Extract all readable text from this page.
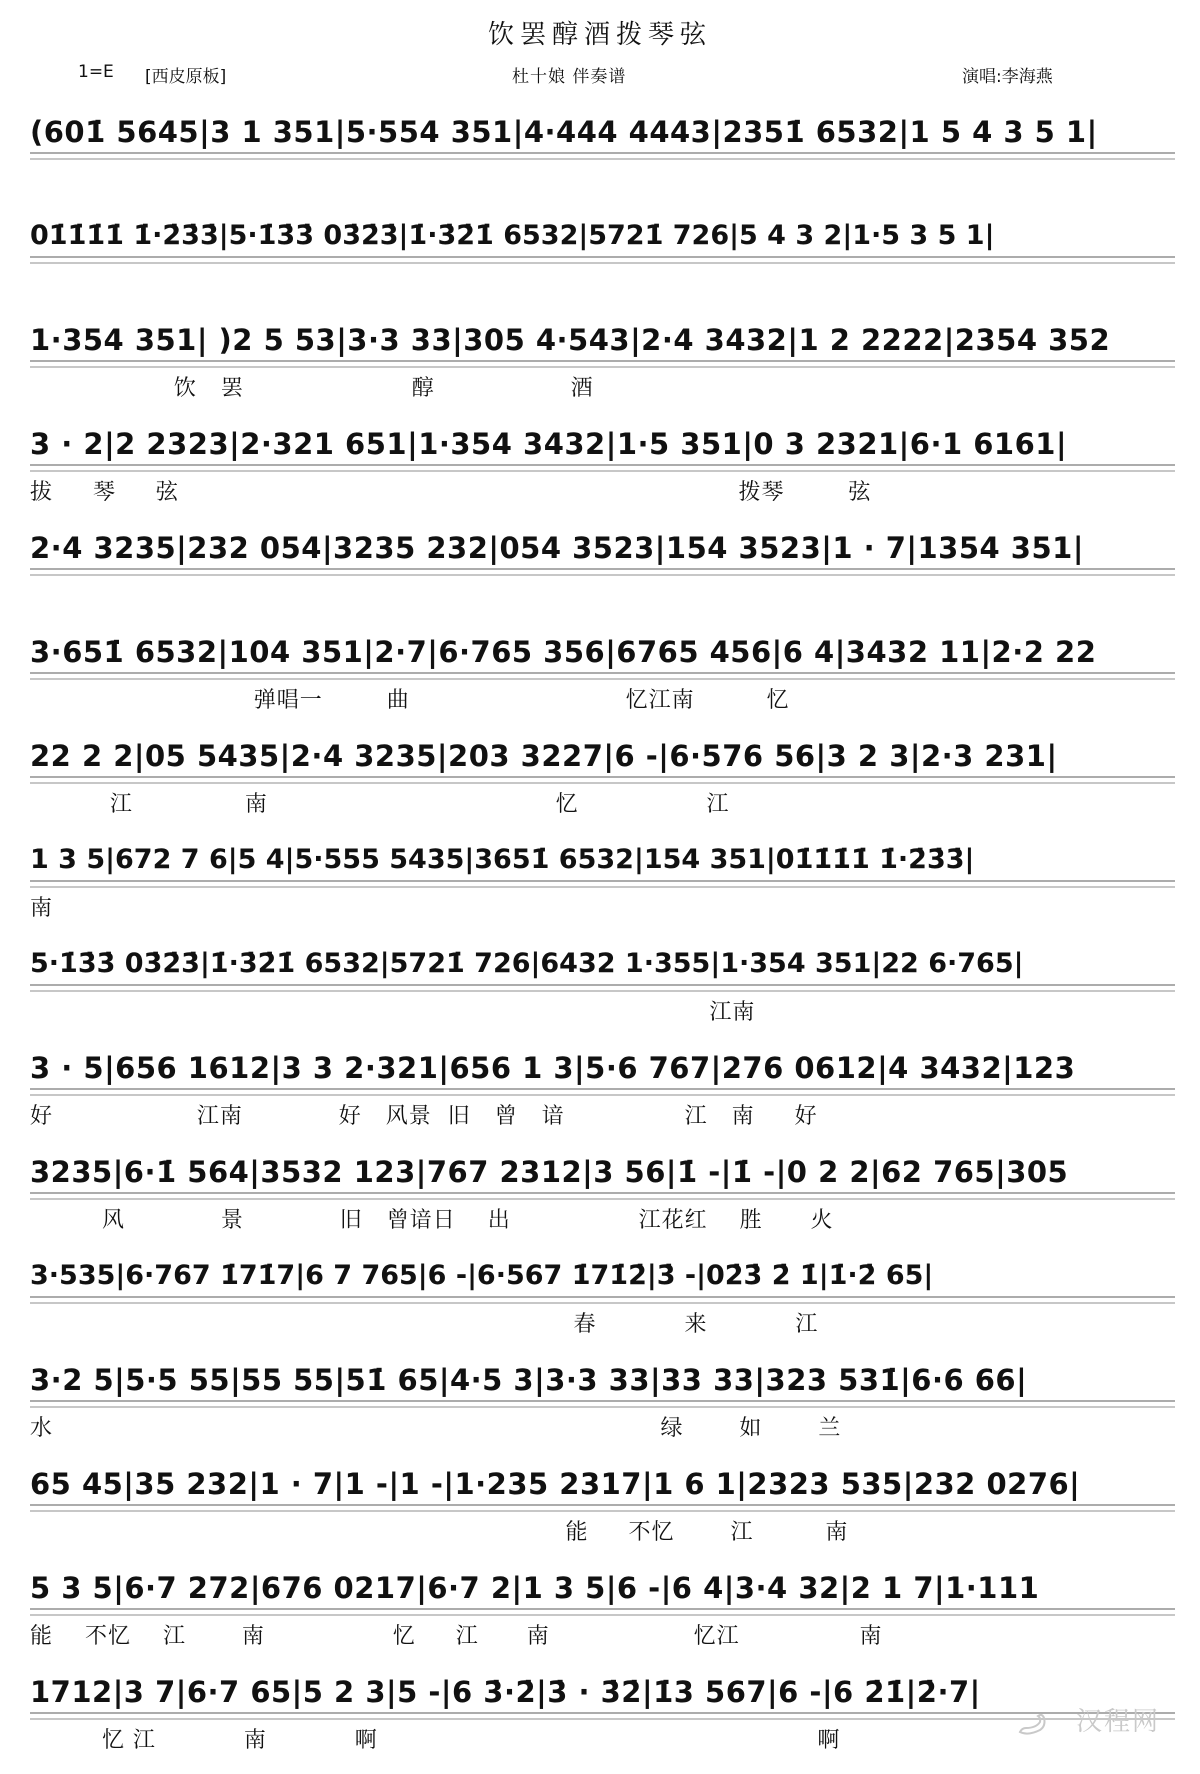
饮罢醇酒拨琴弦
1=E [西皮原板]	杜十娘 伴奏谱	演唱:李海燕
(601̇ 5645|3 1 351|5·554 351|4·444 4443|2351̇ 6532|1 5 4 3 5 1|
01̇1̇1̇1̇ 1̇·2̇3̇3̇|5·1̇3̇3̇ 03̇2̇3̇|1̇·3̇2̇1̇ 6532|5721̇ 726|5 4 3 2|1·5 3 5 1|
1·354 351| )2 5 53|3·3 33|305 4·543|2·4 3432|1 2 2222|2354 352
饮   罢                     醇                 酒
3 · 2|2 2323|2·321 651|1·354 3432|1·5 351|0 3 2321|6·1 6161|
拔     琴     弦                                                                      拨琴        弦
2·4 3235|232 054|3235 232|054 3523|154 3523|1 · 7|1354 351|
3·651̇ 6532|104 351|2·7|6·765 356|6765 456|6 4|3432 11|2·2 22
弹唱一        曲                           忆江南         忆
22 2 2|05 5435|2·4 3235|203 3227|6 -|6·576 56|3 2 3|2·3 231|
江              南                                    忆                江
1 3 5|672 7 6|5 4|5·555 5435|3651̇ 6532|154 351|01̇1̇1̇1̇ 1̇·2̇3̇3̇|
南
5·1̇3̇3̇ 03̇2̇3̇|1̇·3̇2̇1̇ 6532|5721̇ 726|6432 1·355|1·354 351|22 6·765|
江南
3 · 5|656 1612|3 3 2·321|656 1 3|5·6 767|276 0612|4 3432|123
好                  江南            好   风景  旧   曾   谙               江   南     好
3235|6·1̇ 564|3532 123|767 2312|3 56|1̇ -|1̇ -|0 2 2|62 765|305
风            景            旧   曾谙日    出                江花红    胜      火
3·535|6·767 1̇71̇7|6 7 765|6 -|6·567 1̇71̇2̇|3̇ -|02̇3̇ 2̇ 1̇|1̇·2̇ 65|
春           来           江
3·2 5|5·5 55|55 55|51̇ 65|4·5 3|3·3 33|33 33|323 531̇|6·6 66|
水                                                                            绿       如       兰
65 45|35 232|1 · 7|1 -|1 -|1·235 2317|1 6 1|2323 535|232 0276|
能     不忆       江         南
5 3 5|6·7 272|676 0217|6·7 2|1 3 5|6 -|6 4|3·4 32|2 1 7|1·111
能    不忆    江       南                忆     江      南                  忆江               南
1712|3 7|6·7 65|5 2 3|5 -|6 3̇·2̇|3̇ · 3̇2̇|1̇3 567|6 -|6 2̇1̇|2̇·7|
忆 江           南           啊                                                       啊
汉程网
